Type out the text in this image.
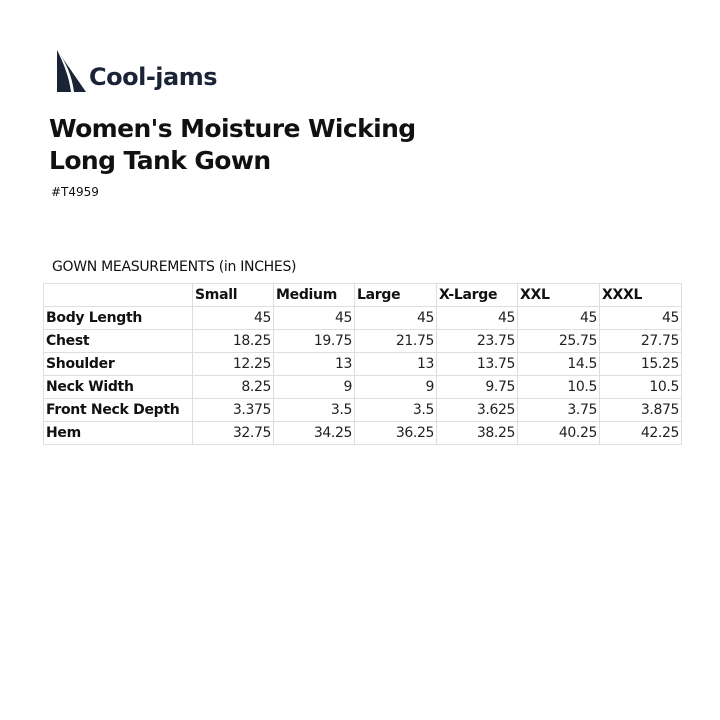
Cool-jams
Women's Moisture Wicking
Long Tank Gown
#T4959
GOWN MEASUREMENTS (in INCHES)
	Small	Medium	Large	X-Large	XXL	XXXL
Body Length	45	45	45	45	45	45
Chest	18.25	19.75	21.75	23.75	25.75	27.75
Shoulder	12.25	13	13	13.75	14.5	15.25
Neck Width	8.25	9	9	9.75	10.5	10.5
Front Neck Depth	3.375	3.5	3.5	3.625	3.75	3.875
Hem	32.75	34.25	36.25	38.25	40.25	42.25
